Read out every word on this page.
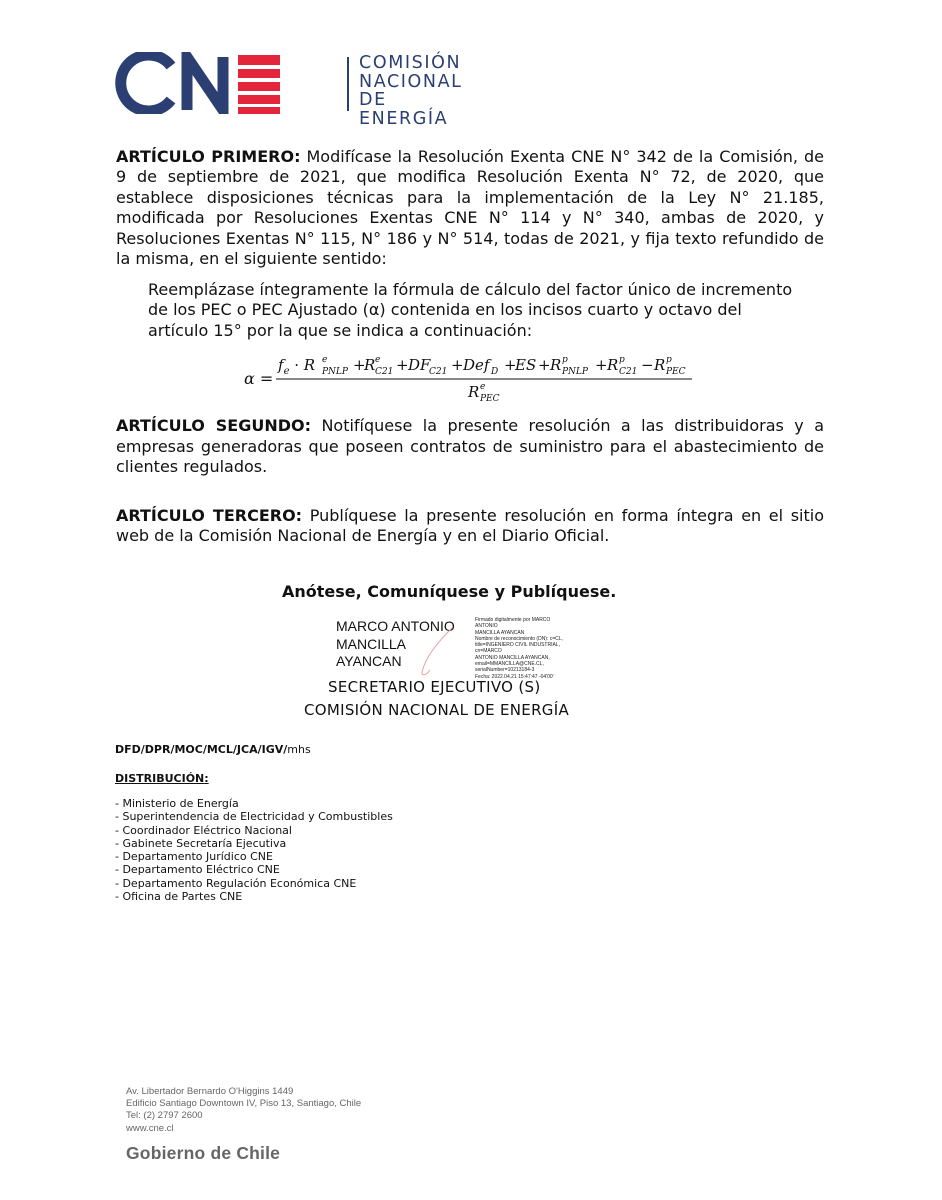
COMISIÓN
NACIONAL
DE ENERGÍA
ARTÍCULO PRIMERO: Modifícase la Resolución Exenta CNE N° 342 de la Comisión, de 9 de septiembre de 2021, que modifica Resolución Exenta N° 72, de 2020, que establece disposiciones técnicas para la implementación de la Ley N° 21.185, modificada por Resoluciones Exentas CNE N° 114 y N° 340, ambas de 2020, y Resoluciones Exentas N° 115, N° 186 y N° 514, todas de 2021, y fija texto refundido de la misma, en el siguiente sentido:
Reemplázase íntegramente la fórmula de cálculo del factor único de incremento de los PEC o PEC Ajustado (α) contenida en los incisos cuarto y octavo del artículo 15° por la que se indica a continuación:
α =
$f_e \cdot R$ e
PNLP +
R e
C21 + DF
C21 + Def D +
ES + R p
PNLP + R p
C21 − R p
PEC
R e
PEC
ARTÍCULO SEGUNDO: Notifíquese la presente resolución a las distribuidoras y a empresas generadoras que poseen contratos de suministro para el abastecimiento de clientes regulados.
ARTÍCULO TERCERO: Publíquese la presente resolución en forma íntegra en el sitio web de la Comisión Nacional de Energía y en el Diario Oficial.
Anótese, Comuníquese y Publíquese.
MARCO ANTONIO
MANCILLA
AYANCAN
Firmado digitalmente por MARCO ANTONIO
MANCILLA AYANCAN
Nombre de reconocimiento (DN): c=CL,
title=INGENIERO CIVIL INDUSTRIAL, cn=MARCO
ANTONIO MANCILLA AYANCAN,
email=MMANCILLA@CNE.CL,
serialNumber=10213184-3
Fecha: 2022.04.21 15:47:47 -04'00'
SECRETARIO EJECUTIVO (S)
COMISIÓN NACIONAL DE ENERGÍA
DFD/DPR/MOC/MCL/JCA/IGV/mhs
DISTRIBUCIÓN:
- Ministerio de Energía
- Superintendencia de Electricidad y Combustibles
- Coordinador Eléctrico Nacional
- Gabinete Secretaría Ejecutiva
- Departamento Jurídico CNE
- Departamento Eléctrico CNE
- Departamento Regulación Económica CNE
- Oficina de Partes CNE
Av. Libertador Bernardo O'Higgins 1449
Edificio Santiago Downtown IV, Piso 13, Santiago, Chile
Tel: (2) 2797 2600
www.cne.cl
Gobierno de Chile
